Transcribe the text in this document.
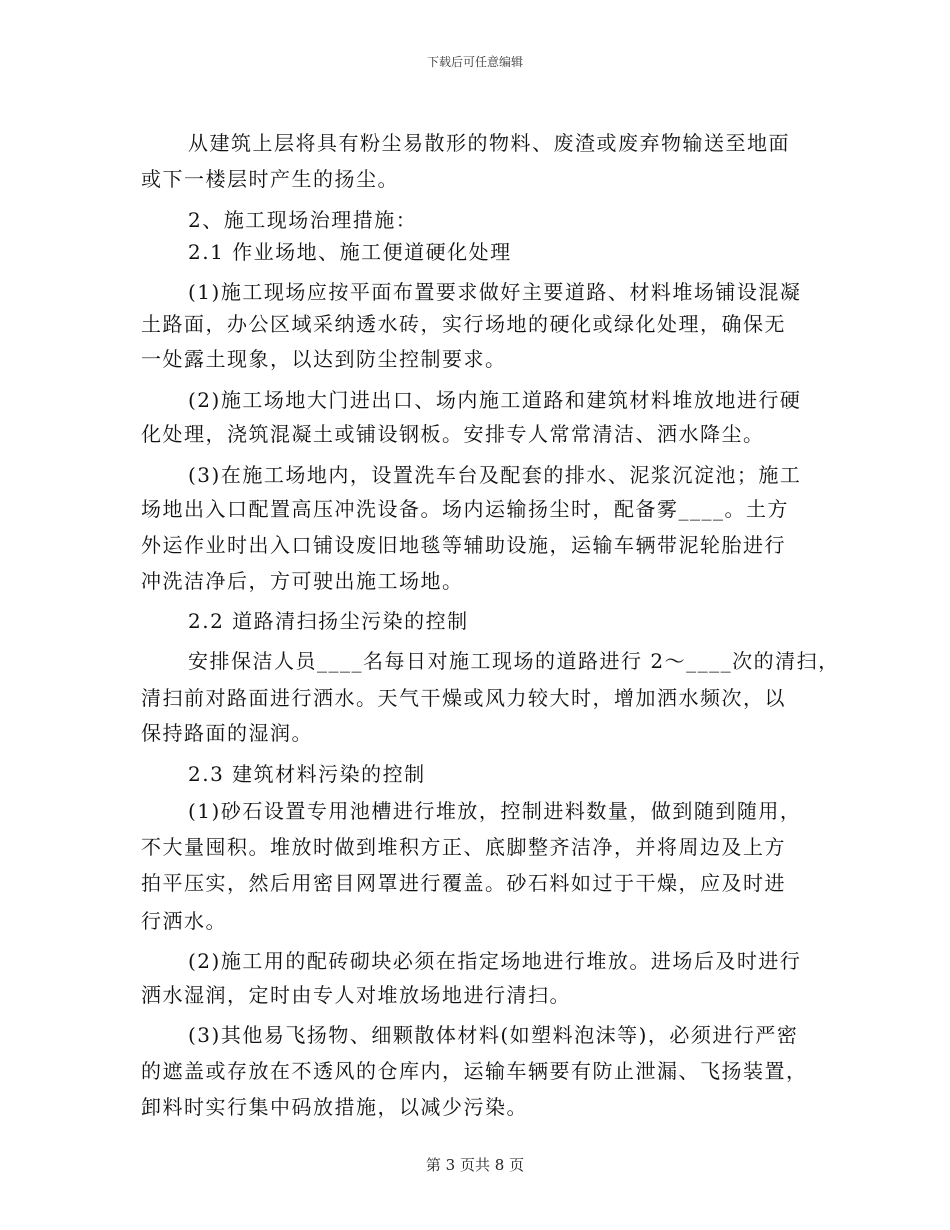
下载后可任意编辑
从建筑上层将具有粉尘易散形的物料、废渣或废弃物输送至地面
或下一楼层时产生的扬尘。
2、施工现场治理措施：
2.1 作业场地、施工便道硬化处理
(1)施工现场应按平面布置要求做好主要道路、材料堆场铺设混凝
土路面，办公区域采纳透水砖，实行场地的硬化或绿化处理，确保无
一处露土现象，以达到防尘控制要求。
(2)施工场地大门进出口、场内施工道路和建筑材料堆放地进行硬
化处理，浇筑混凝土或铺设钢板。安排专人常常清洁、洒水降尘。
(3)在施工场地内，设置洗车台及配套的排水、泥浆沉淀池；施工
场地出入口配置高压冲洗设备。场内运输扬尘时，配备雾____。土方
外运作业时出入口铺设废旧地毯等辅助设施，运输车辆带泥轮胎进行
冲洗洁净后，方可驶出施工场地。
2.2 道路清扫扬尘污染的控制
安排保洁人员____名每日对施工现场的道路进行 2～____次的清扫，
清扫前对路面进行洒水。天气干燥或风力较大时，增加洒水频次，以
保持路面的湿润。
2.3 建筑材料污染的控制
(1)砂石设置专用池槽进行堆放，控制进料数量，做到随到随用，
不大量囤积。堆放时做到堆积方正、底脚整齐洁净，并将周边及上方
拍平压实，然后用密目网罩进行覆盖。砂石料如过于干燥，应及时进
行洒水。
(2)施工用的配砖砌块必须在指定场地进行堆放。进场后及时进行
洒水湿润，定时由专人对堆放场地进行清扫。
(3)其他易飞扬物、细颗散体材料(如塑料泡沫等)，必须进行严密
的遮盖或存放在不透风的仓库内，运输车辆要有防止泄漏、飞扬装置，
卸料时实行集中码放措施，以减少污染。
第 3 页共 8 页
